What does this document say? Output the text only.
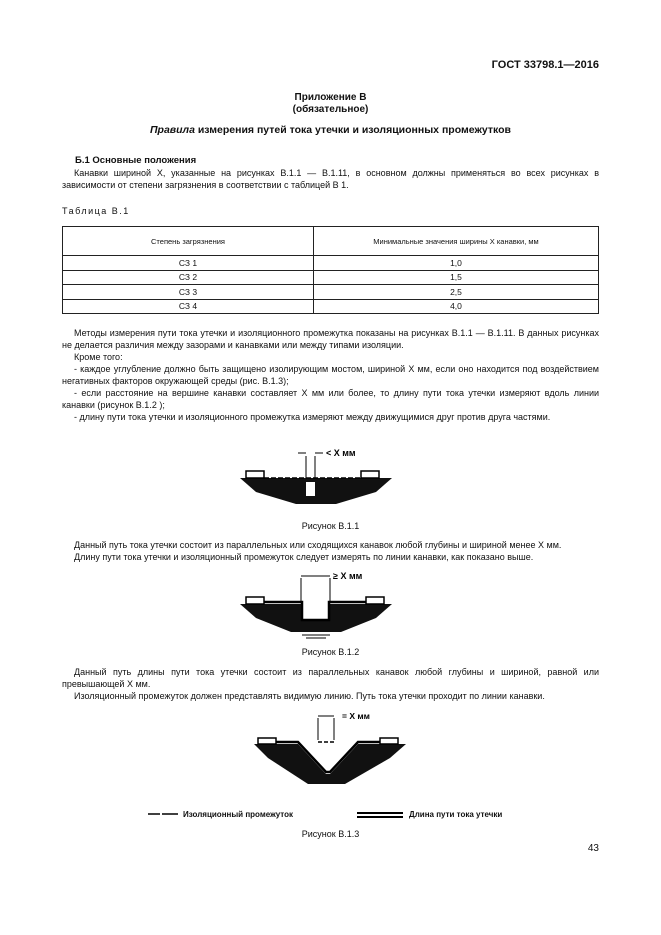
ГОСТ 33798.1—2016
Приложение В
(обязательное)
Правила измерения путей тока утечки и изоляционных промежутков
Б.1 Основные положения
Канавки шириной X, указанные на рисунках В.1.1 — В.1.11, в основном должны применяться во всех рисунках в зависимости от степени загрязнения в соответствии с таблицей В 1.
Таблица В.1
Степень загрязнения	Минимальные значения ширины X канавки, мм
СЗ 1	1,0
СЗ 2	1,5
СЗ 3	2,5
СЗ 4	4,0
Методы измерения пути тока утечки и изоляционного промежутка показаны на рисунках В.1.1 — В.1.11. В данных рисунках не делается различия между зазорами и канавками или между типами изоляции.
Кроме того:
- каждое углубление должно быть защищено изолирующим мостом, шириной X мм, если оно находится под воздействием негативных факторов окружающей среды (рис. В.1.3);
- если расстояние на вершине канавки составляет X мм или более, то длину пути тока утечки измеряют вдоль линии канавки (рисунок В.1.2 );
- длину пути тока утечки и изоляционного промежутка измеряют между движущимися друг против друга частями.
< X мм
Рисунок В.1.1
Данный путь тока утечки состоит из параллельных или сходящихся канавок любой глубины и шириной менее X мм.
Длину пути тока утечки и изоляционный промежуток следует измерять по линии канавки, как показано выше.
≥ X мм
Рисунок В.1.2
Данный путь длины пути тока утечки состоит из параллельных канавок любой глубины и шириной, равной или превышающей X мм.
Изоляционный промежуток должен представлять видимую линию. Путь тока утечки проходит по линии канавки.
= X мм
Изоляционный промежуток	Длина пути тока утечки
Рисунок В.1.3
43
